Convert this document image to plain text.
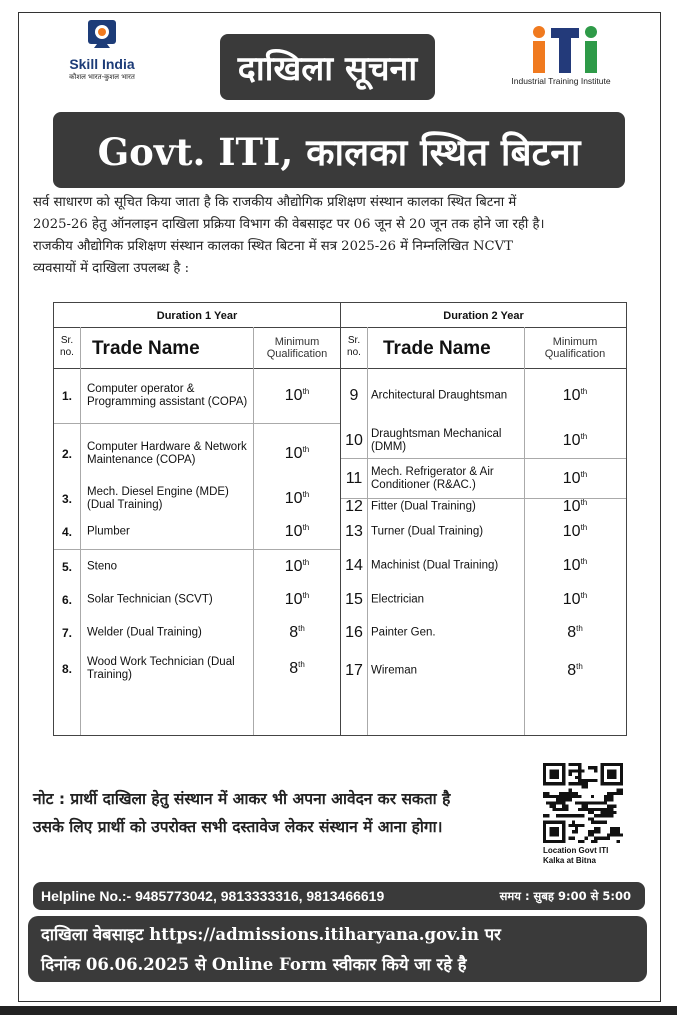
Skill India
कौशल भारत-कुशल भारत	दाखिला सूचना	Industrial Training Institute
Govt. ITI, कालका स्थित बिटना

सर्व साधारण को सूचित किया जाता है कि राजकीय औद्योगिक प्रशिक्षण संस्थान कालका स्थित बिटना में

2025-26 हेतु ऑनलाइन दाखिला प्रक्रिया विभाग की वेबसाइट पर 06 जून से 20 जून तक होने जा रही है।

राजकीय औद्योगिक प्रशिक्षण संस्थान कालका स्थित बिटना में सत्र 2025-26 में निम्नलिखित NCVT

व्यवसायों में दाखिला उपलब्ध है :

Duration 1 Year
Sr. no. Trade Name	Minimum Qualification
1.	Computer operator & Programming assistant (COPA)	10th
2.	Computer Hardware & Network Maintenance (COPA)	10th
3.	Mech. Diesel Engine (MDE) (Dual Training)	10th
4.	Plumber	10th
5.	Steno	10th
6.	Solar Technician (SCVT)	10th
7.	Welder (Dual Training)	8th
8.	Wood Work Technician (Dual Training)	8th
Duration 2 Year
Sr. no.	Trade Name	Minimum Qualification
9	Architectural Draughtsman	10th
10 Draughtsman Mechanical (DMM)	10th
11 Mech. Refrigerator & Air Conditioner (R&AC.)	10th
12 Fitter (Dual Training)	10th
13 Turner (Dual Training)	10th
14 Machinist (Dual Training)	10th
15 Electrician	10th
16 Painter Gen.	8th
17 Wireman	8th
नोट : प्रार्थी दाखिला हेतु संस्थान में आकर भी अपना आवेदन कर सकता है
उसके लिए प्रार्थी को उपरोक्त सभी दस्तावेज लेकर संस्थान में आना होगा।
Location Govt ITI
Kalka at Bitna
Helpline No.:- 9485773042, 9813333316, 9813466619	समय : सुबह 9:00 से 5:00
दाखिला वेबसाइट https://admissions.itiharyana.gov.in पर
दिनांक 06.06.2025 से Online Form स्वीकार किये जा रहे है
